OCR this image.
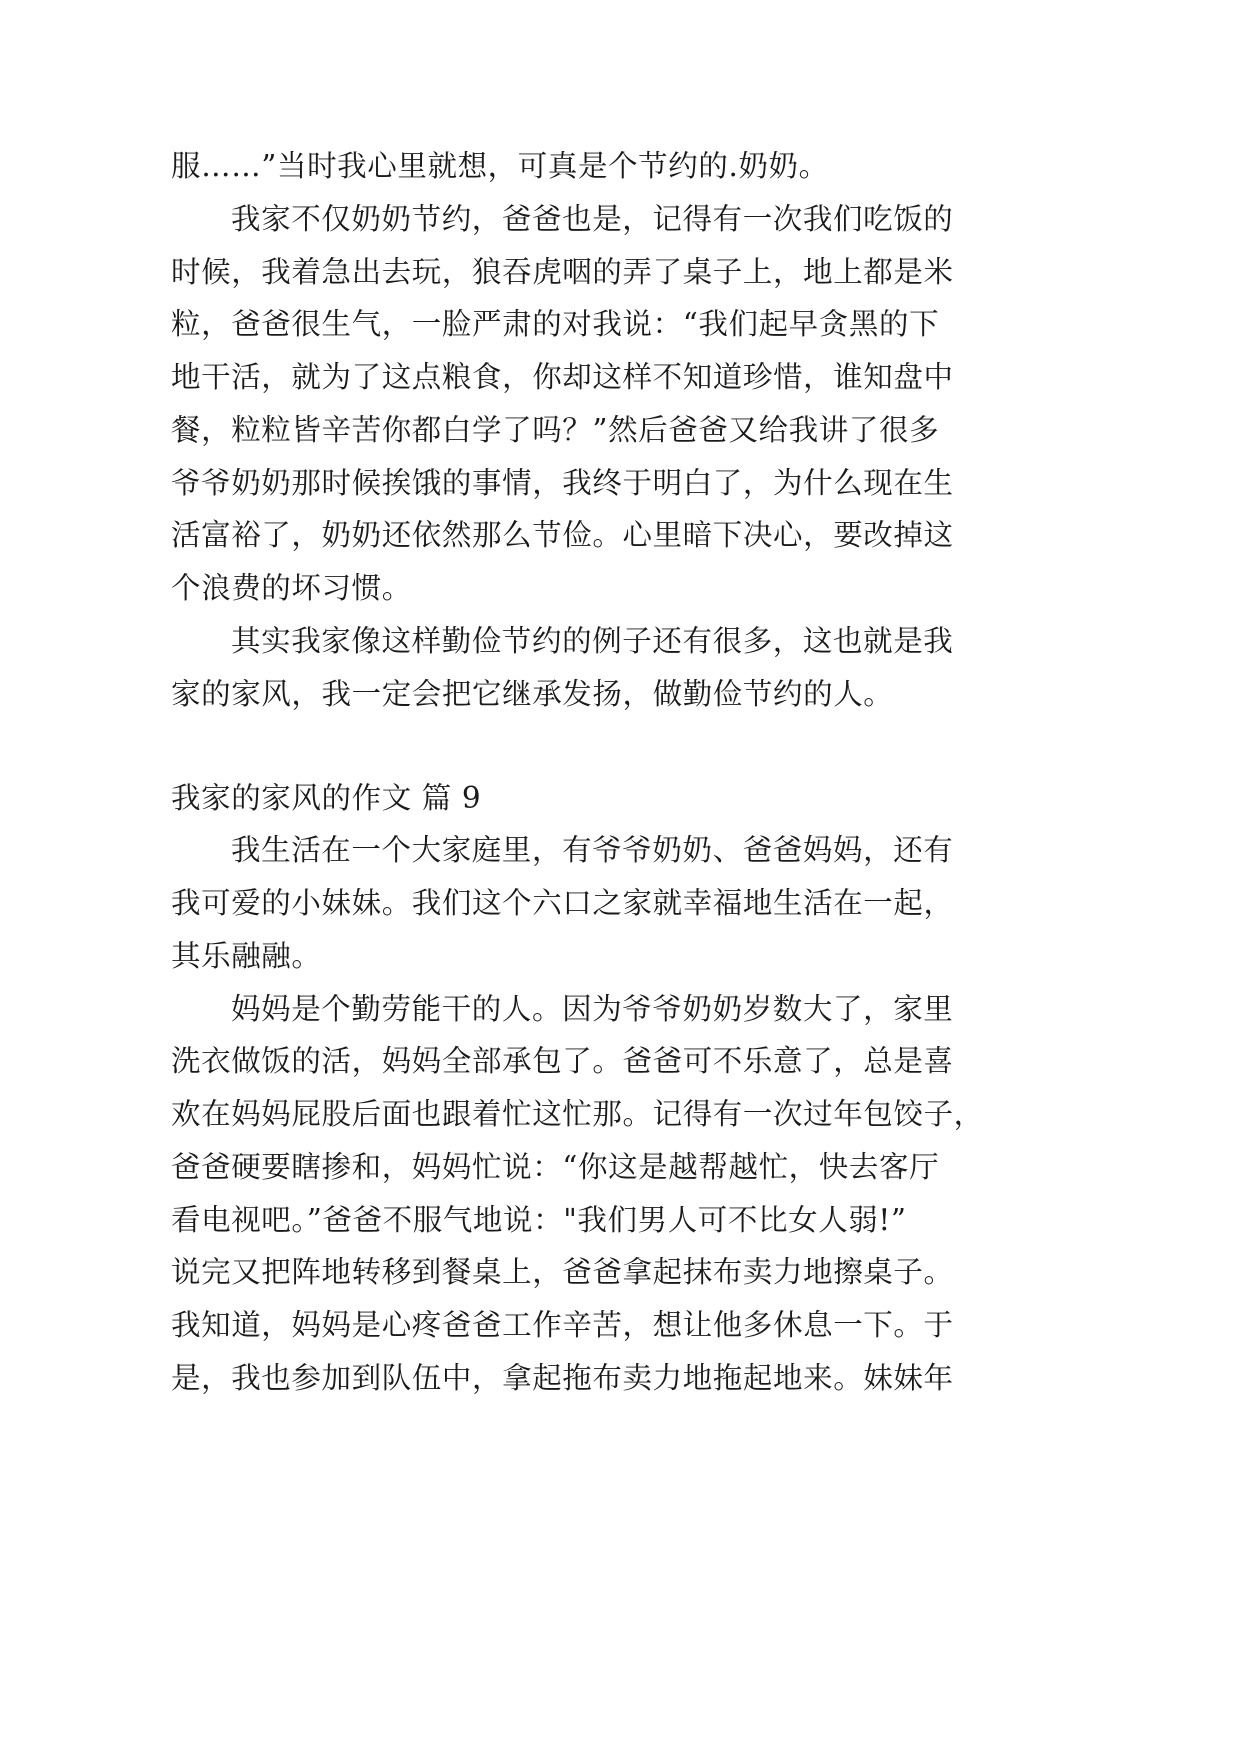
服……”当时我心里就想，可真是个节约的.奶奶。

我家不仅奶奶节约，爸爸也是，记得有一次我们吃饭的

时候，我着急出去玩，狼吞虎咽的弄了桌子上，地上都是米

粒，爸爸很生气，一脸严肃的对我说：“我们起早贪黑的下

地干活，就为了这点粮食，你却这样不知道珍惜，谁知盘中

餐，粒粒皆辛苦你都白学了吗？”然后爸爸又给我讲了很多

爷爷奶奶那时候挨饿的事情，我终于明白了，为什么现在生

活富裕了，奶奶还依然那么节俭。心里暗下决心，要改掉这

个浪费的坏习惯。

其实我家像这样勤俭节约的例子还有很多，这也就是我

家的家风，我一定会把它继承发扬，做勤俭节约的人。

我家的家风的作文 篇 9

我生活在一个大家庭里，有爷爷奶奶、爸爸妈妈，还有

我可爱的小妹妹。我们这个六口之家就幸福地生活在一起，

其乐融融。

妈妈是个勤劳能干的人。因为爷爷奶奶岁数大了，家里

洗衣做饭的活，妈妈全部承包了。爸爸可不乐意了，总是喜

欢在妈妈屁股后面也跟着忙这忙那。记得有一次过年包饺子，

爸爸硬要瞎掺和，妈妈忙说：“你这是越帮越忙，快去客厅

看电视吧。”爸爸不服气地说："我们男人可不比女人弱!”

说完又把阵地转移到餐桌上，爸爸拿起抹布卖力地擦桌子。

我知道，妈妈是心疼爸爸工作辛苦，想让他多休息一下。于

是，我也参加到队伍中，拿起拖布卖力地拖起地来。妹妹年
